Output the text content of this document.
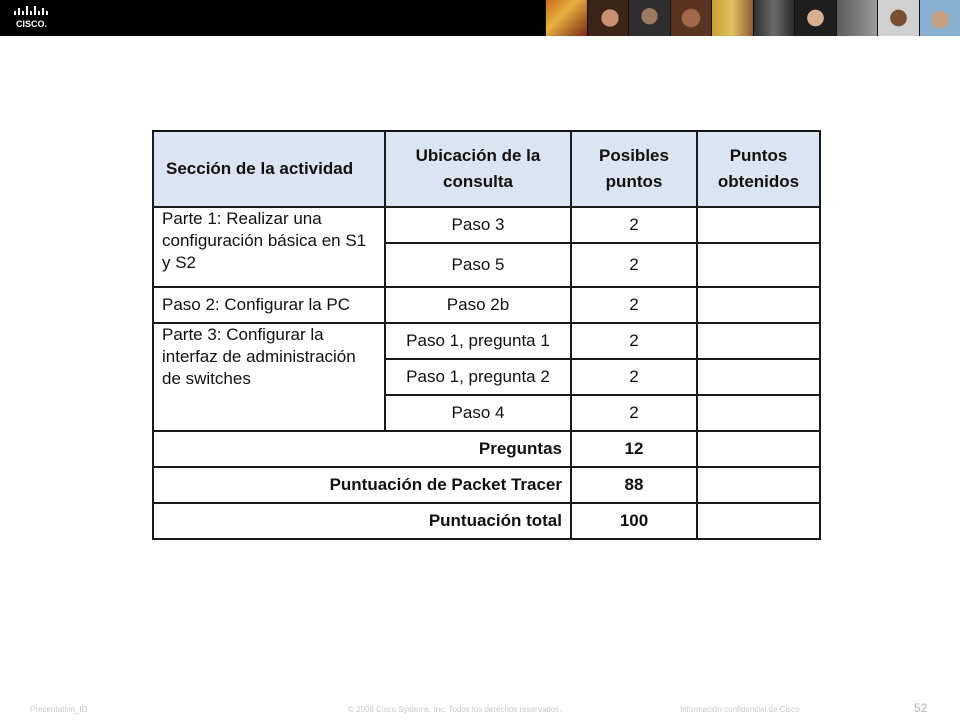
CISCO.
Sección de la actividad	Ubicación de la consulta	Posibles puntos	Puntos obtenidos
Parte 1: Realizar una configuración básica en S1 y S2	Paso 3	2	
	Paso 5	2	
Paso 2: Configurar la PC	Paso 2b	2	
Parte 3: Configurar la interfaz de administración de switches	Paso 1, pregunta 1	2	
	Paso 1, pregunta 2	2	
	Paso 4	2	
Preguntas		12	
Puntuación de Packet Tracer		88	
Puntuación total		100	
Presentation_ID	© 2008 Cisco Systems, Inc. Todos los derechos reservados.	Información confidencial de Cisco	52
